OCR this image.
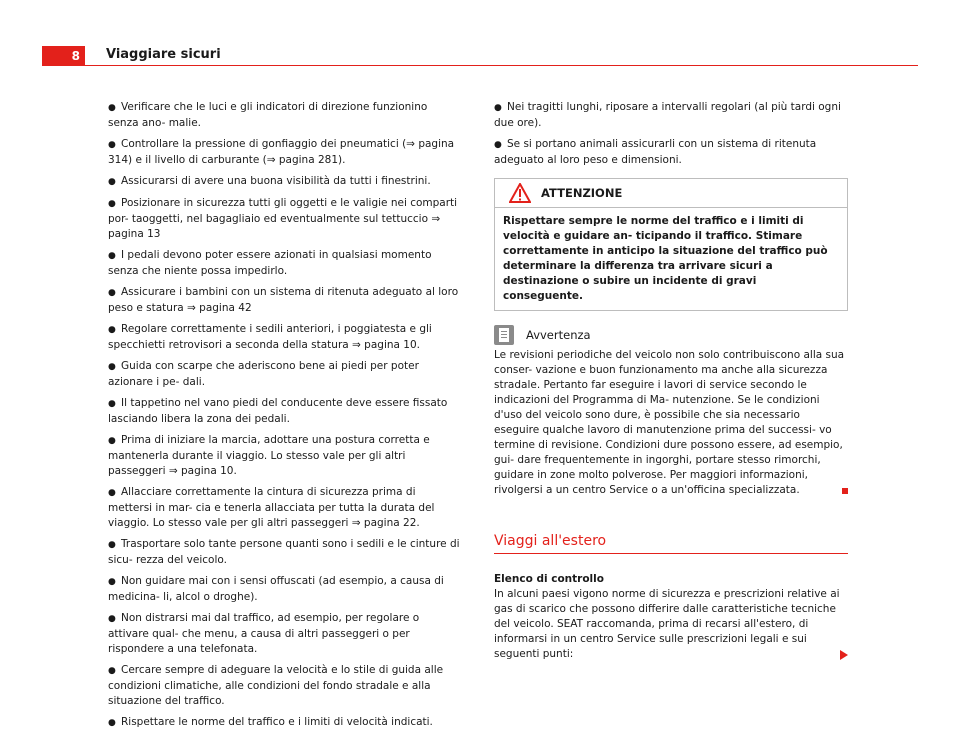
8	Viaggiare sicuri

● Verificare che le luci e gli indicatori di direzione funzionino senza ano- malie.

● Controllare la pressione di gonfiaggio dei pneumatici (⇒ pagina 314) e il livello di carburante (⇒ pagina 281).

● Assicurarsi di avere una buona visibilità da tutti i finestrini.

● Posizionare in sicurezza tutti gli oggetti e le valigie nei comparti por- taoggetti, nel bagagliaio ed eventualmente sul tettuccio ⇒ pagina 13

● I pedali devono poter essere azionati in qualsiasi momento senza che niente possa impedirlo.

● Assicurare i bambini con un sistema di ritenuta adeguato al loro peso e statura ⇒ pagina 42

● Regolare correttamente i sedili anteriori, i poggiatesta e gli specchietti retrovisori a seconda della statura ⇒ pagina 10.

● Guida con scarpe che aderiscono bene ai piedi per poter azionare i pe- dali.

● Il tappetino nel vano piedi del conducente deve essere fissato lasciando libera la zona dei pedali.

● Prima di iniziare la marcia, adottare una postura corretta e mantenerla durante il viaggio. Lo stesso vale per gli altri passeggeri ⇒ pagina 10.

● Allacciare correttamente la cintura di sicurezza prima di mettersi in mar- cia e tenerla allacciata per tutta la durata del viaggio. Lo stesso vale per gli altri passeggeri ⇒ pagina 22.

● Trasportare solo tante persone quanti sono i sedili e le cinture di sicu- rezza del veicolo.

● Non guidare mai con i sensi offuscati (ad esempio, a causa di medicina- li, alcol o droghe).

● Non distrarsi mai dal traffico, ad esempio, per regolare o attivare qual- che menu, a causa di altri passeggeri o per rispondere a una telefonata.

● Cercare sempre di adeguare la velocità e lo stile di guida alle condizioni climatiche, alle condizioni del fondo stradale e alla situazione del traffico.

● Rispettare le norme del traffico e i limiti di velocità indicati.

● Nei tragitti lunghi, riposare a intervalli regolari (al più tardi ogni due ore).

● Se si portano animali assicurarli con un sistema di ritenuta adeguato al loro peso e dimensioni.

ATTENZIONE
Rispettare sempre le norme del traffico e i limiti di velocità e guidare an- ticipando il traffico. Stimare correttamente in anticipo la situazione del traffico può determinare la differenza tra arrivare sicuri a destinazione o subire un incidente di gravi conseguente.
Avvertenza

Le revisioni periodiche del veicolo non solo contribuiscono alla sua conser- vazione e buon funzionamento ma anche alla sicurezza stradale. Pertanto far eseguire i lavori di service secondo le indicazioni del Programma di Ma- nutenzione. Se le condizioni d'uso del veicolo sono dure, è possibile che sia necessario eseguire qualche lavoro di manutenzione prima del successi- vo termine di revisione. Condizioni dure possono essere, ad esempio, gui- dare frequentemente in ingorghi, portare stesso rimorchi, guidare in zone molto polverose. Per maggiori informazioni, rivolgersi a un centro Service o a un'officina specializzata.

Viaggi all'estero
Elenco di controllo

In alcuni paesi vigono norme di sicurezza e prescrizioni relative ai gas di scarico che possono differire dalle caratteristiche tecniche del veicolo. SEAT raccomanda, prima di recarsi all'estero, di informarsi in un centro Service sulle prescrizioni legali e sui seguenti punti:
